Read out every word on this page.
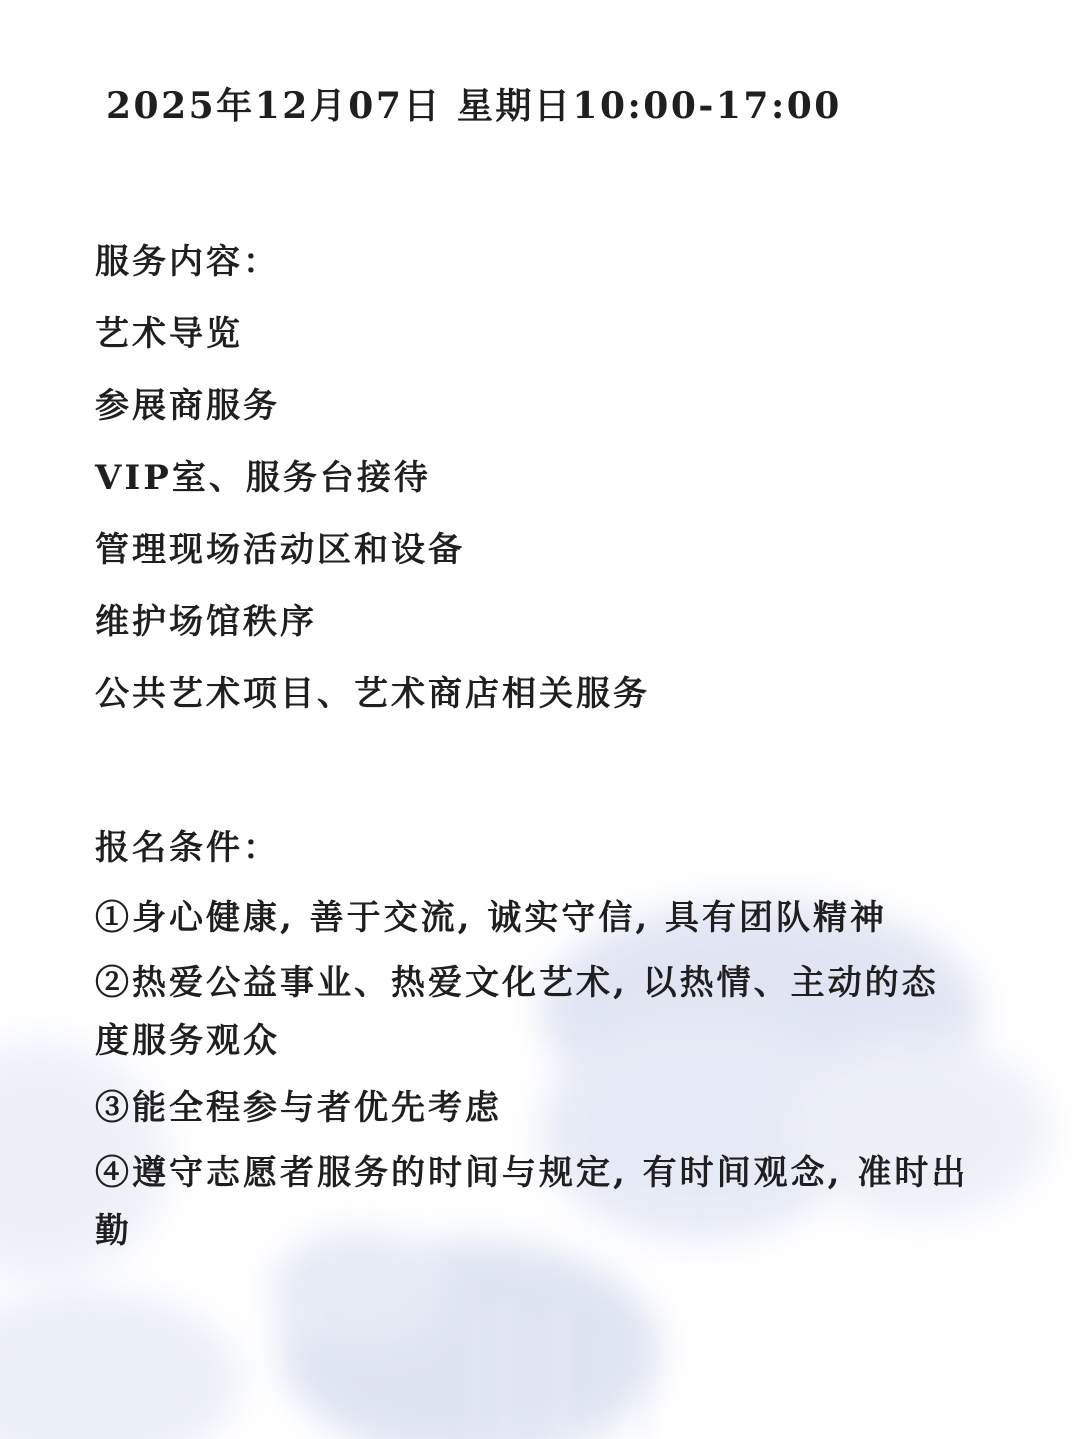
2025年12月07日 星期日10:00-17:00
服务内容：
艺术导览
参展商服务
VIP室、服务台接待
管理现场活动区和设备
维护场馆秩序
公共艺术项目、艺术商店相关服务
报名条件：
①身心健康, 善于交流, 诚实守信, 具有团队精神
②热爱公益事业、热爱文化艺术, 以热情、主动的态度服务观众
③能全程参与者优先考虑
④遵守志愿者服务的时间与规定, 有时间观念, 准时出勤
